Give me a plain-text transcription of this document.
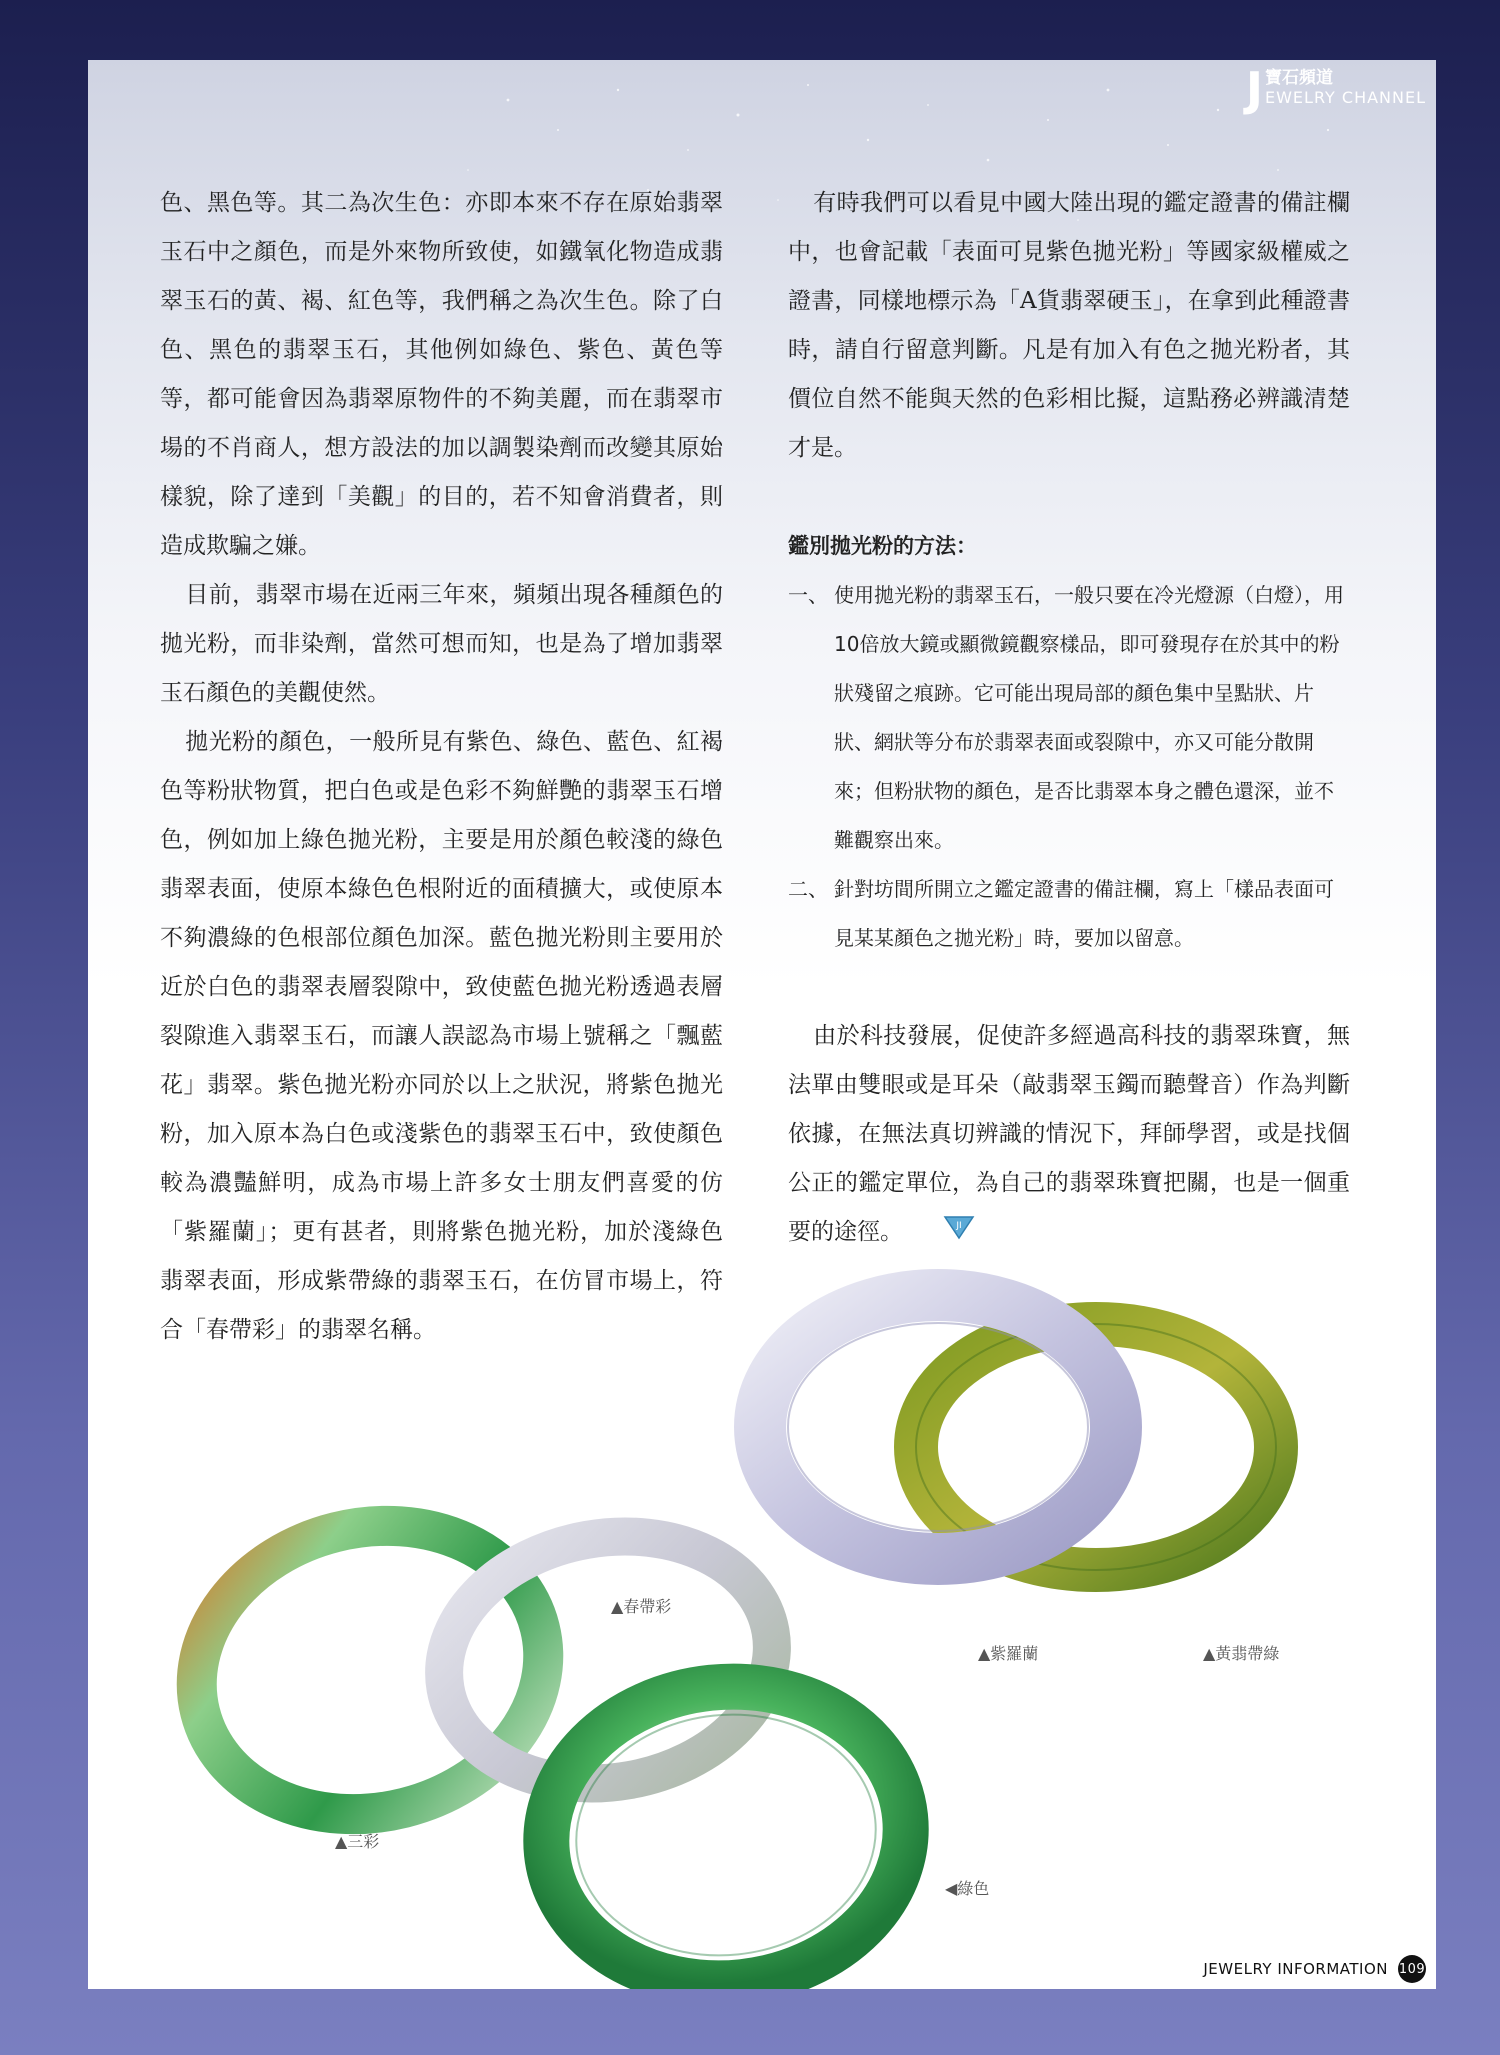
J 寶石頻道
EWELRY CHANNEL

色、黑色等。其二為次生色：亦即本來不存在原始翡翠玉石中之顏色，而是外來物所致使，如鐵氧化物造成翡翠玉石的黃、褐、紅色等，我們稱之為次生色。除了白色、黑色的翡翠玉石，其他例如綠色、紫色、黃色等等，都可能會因為翡翠原物件的不夠美麗，而在翡翠市場的不肖商人，想方設法的加以調製染劑而改變其原始樣貌，除了達到「美觀」的目的，若不知會消費者，則造成欺騙之嫌。

目前，翡翠市場在近兩三年來，頻頻出現各種顏色的拋光粉，而非染劑，當然可想而知，也是為了增加翡翠玉石顏色的美觀使然。

拋光粉的顏色，一般所見有紫色、綠色、藍色、紅褐色等粉狀物質，把白色或是色彩不夠鮮艷的翡翠玉石增色，例如加上綠色拋光粉，主要是用於顏色較淺的綠色翡翠表面，使原本綠色色根附近的面積擴大，或使原本不夠濃綠的色根部位顏色加深。藍色拋光粉則主要用於近於白色的翡翠表層裂隙中，致使藍色拋光粉透過表層裂隙進入翡翠玉石，而讓人誤認為市場上號稱之「飄藍花」翡翠。紫色拋光粉亦同於以上之狀況，將紫色拋光粉，加入原本為白色或淺紫色的翡翠玉石中，致使顏色較為濃豔鮮明，成為市場上許多女士朋友們喜愛的仿「紫羅蘭」；更有甚者，則將紫色拋光粉，加於淺綠色翡翠表面，形成紫帶綠的翡翠玉石，在仿冒市場上，符合「春帶彩」的翡翠名稱。

有時我們可以看見中國大陸出現的鑑定證書的備註欄中，也會記載「表面可見紫色拋光粉」等國家級權威之證書，同樣地標示為「A貨翡翠硬玉」，在拿到此種證書時，請自行留意判斷。凡是有加入有色之拋光粉者，其價位自然不能與天然的色彩相比擬，這點務必辨識清楚才是。

鑑別拋光粉的方法：
一、 使用拋光粉的翡翠玉石，一般只要在冷光燈源（白燈），用10倍放大鏡或顯微鏡觀察樣品，即可發現存在於其中的粉狀殘留之痕跡。它可能出現局部的顏色集中呈點狀、片狀、網狀等分布於翡翠表面或裂隙中，亦又可能分散開來；但粉狀物的顏色，是否比翡翠本身之體色還深，並不難觀察出來。
二、 針對坊間所開立之鑑定證書的備註欄，寫上「樣品表面可見某某顏色之拋光粉」時，要加以留意。

由於科技發展，促使許多經過高科技的翡翠珠寶，無法單由雙眼或是耳朵（敲翡翠玉鐲而聽聲音）作為判斷依據，在無法真切辨識的情況下，拜師學習，或是找個公正的鑑定單位，為自己的翡翠珠寶把關，也是一個重要的途徑。	JI

▲春帶彩
▲紫羅蘭	▲黃翡帶綠
▲三彩
◀綠色
JEWELRY INFORMATION 109
